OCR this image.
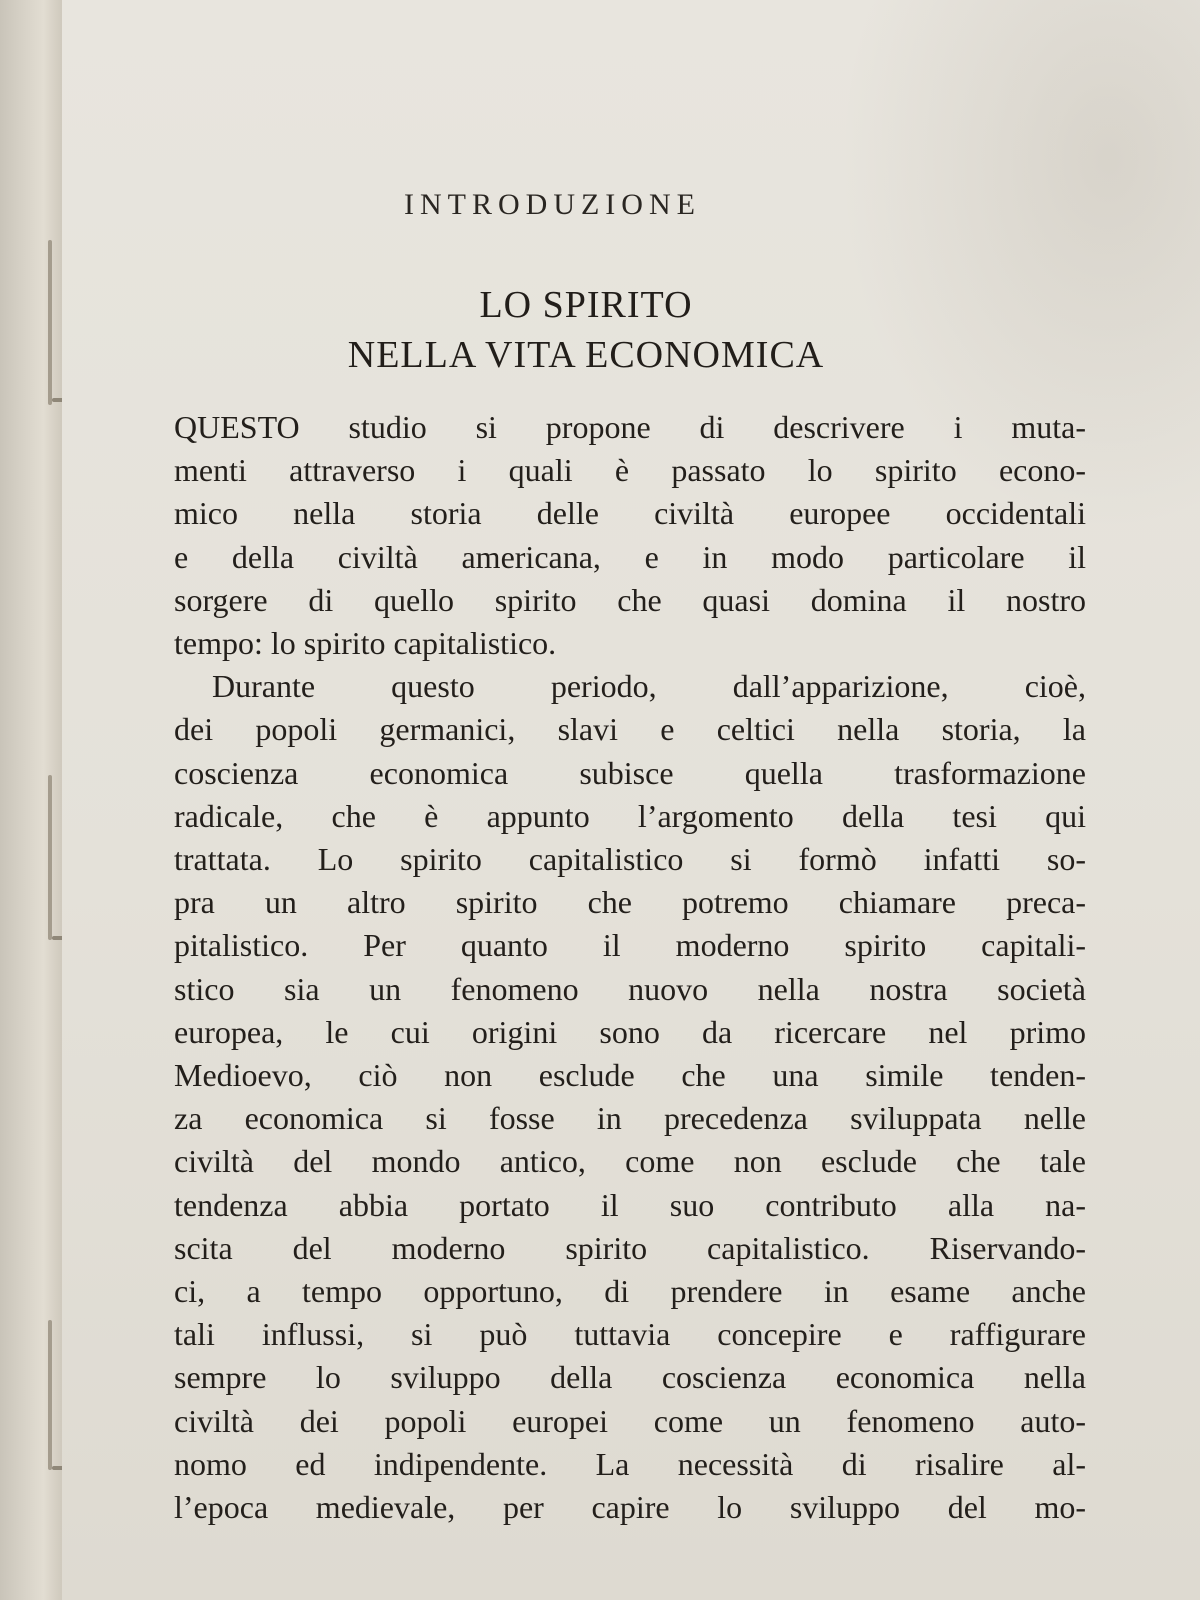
INTRODUZIONE
LO SPIRITO
NELLA VITA ECONOMICA
QUESTO studio si propone di descrivere i muta-
menti attraverso i quali è passato lo spirito econo-
mico nella storia delle civiltà europee occidentali
e della civiltà americana, e in modo particolare il
sorgere di quello spirito che quasi domina il nostro
tempo: lo spirito capitalistico.
Durante questo periodo, dall’apparizione, cioè,
dei popoli germanici, slavi e celtici nella storia, la
coscienza economica subisce quella trasformazione
radicale, che è appunto l’argomento della tesi qui
trattata. Lo spirito capitalistico si formò infatti so-
pra un altro spirito che potremo chiamare preca-
pitalistico. Per quanto il moderno spirito capitali-
stico sia un fenomeno nuovo nella nostra società
europea, le cui origini sono da ricercare nel primo
Medioevo, ciò non esclude che una simile tenden-
za economica si fosse in precedenza sviluppata nelle
civiltà del mondo antico, come non esclude che tale
tendenza abbia portato il suo contributo alla na-
scita del moderno spirito capitalistico. Riservando-
ci, a tempo opportuno, di prendere in esame anche
tali influssi, si può tuttavia concepire e raffigurare
sempre lo sviluppo della coscienza economica nella
civiltà dei popoli europei come un fenomeno auto-
nomo ed indipendente. La necessità di risalire al-
l’epoca medievale, per capire lo sviluppo del mo-
